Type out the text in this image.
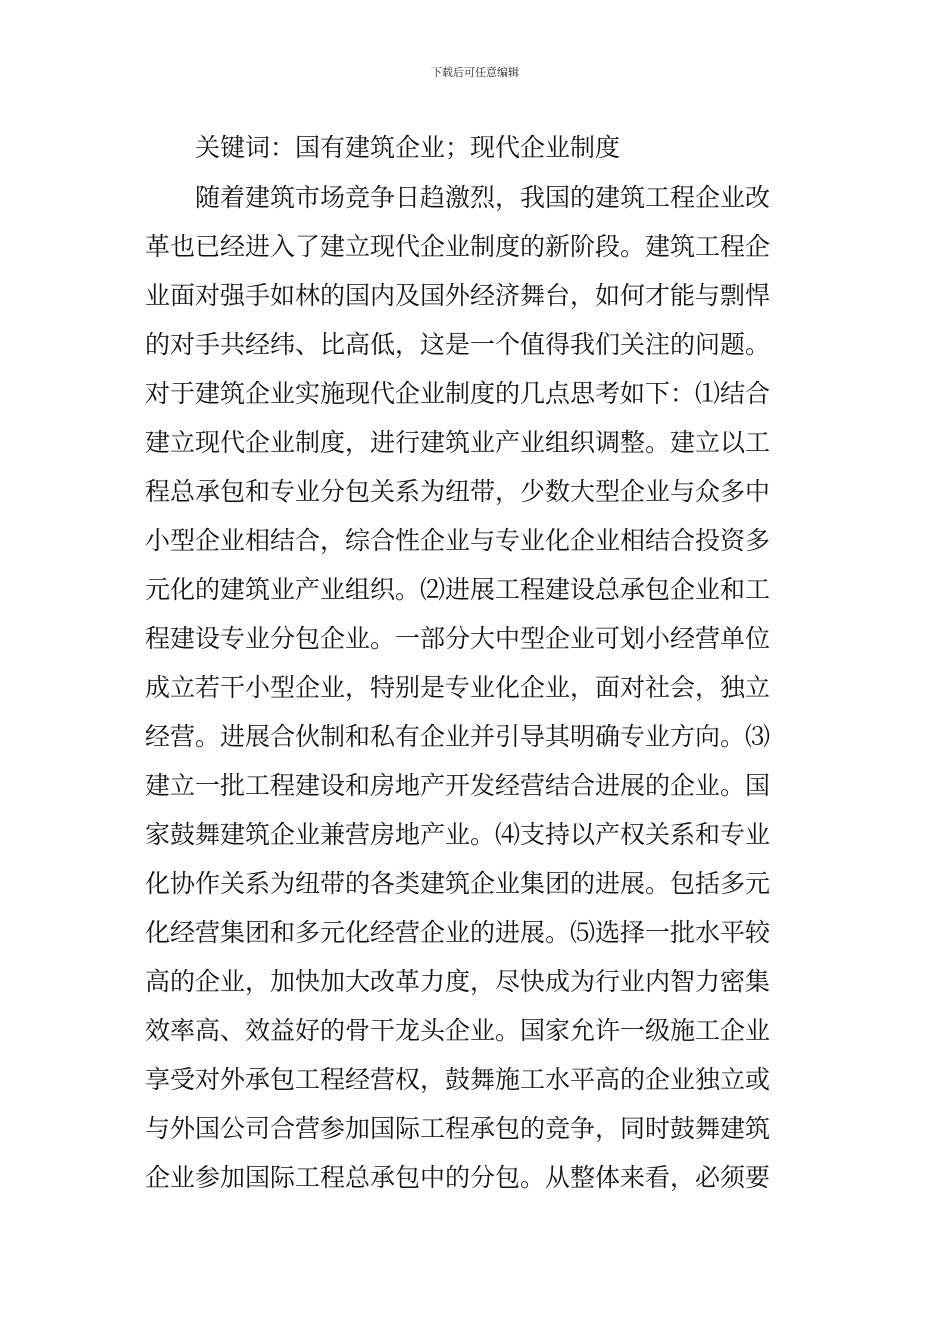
下载后可任意编辑
关键词：国有建筑企业；现代企业制度
随着建筑市场竞争日趋激烈，我国的建筑工程企业改
革也已经进入了建立现代企业制度的新阶段。建筑工程企
业面对强手如林的国内及国外经济舞台，如何才能与剽悍
的对手共经纬、比高低，这是一个值得我们关注的问题。
对于建筑企业实施现代企业制度的几点思考如下：⑴结合
建立现代企业制度，进行建筑业产业组织调整。建立以工
程总承包和专业分包关系为纽带，少数大型企业与众多中
小型企业相结合，综合性企业与专业化企业相结合投资多
元化的建筑业产业组织。⑵进展工程建设总承包企业和工
程建设专业分包企业。一部分大中型企业可划小经营单位
成立若干小型企业，特别是专业化企业，面对社会，独立
经营。进展合伙制和私有企业并引导其明确专业方向。⑶
建立一批工程建设和房地产开发经营结合进展的企业。国
家鼓舞建筑企业兼营房地产业。⑷支持以产权关系和专业
化协作关系为纽带的各类建筑企业集团的进展。包括多元
化经营集团和多元化经营企业的进展。⑸选择一批水平较
高的企业，加快加大改革力度，尽快成为行业内智力密集
效率高、效益好的骨干龙头企业。国家允许一级施工企业
享受对外承包工程经营权，鼓舞施工水平高的企业独立或
与外国公司合营参加国际工程承包的竞争，同时鼓舞建筑
企业参加国际工程总承包中的分包。从整体来看，必须要
